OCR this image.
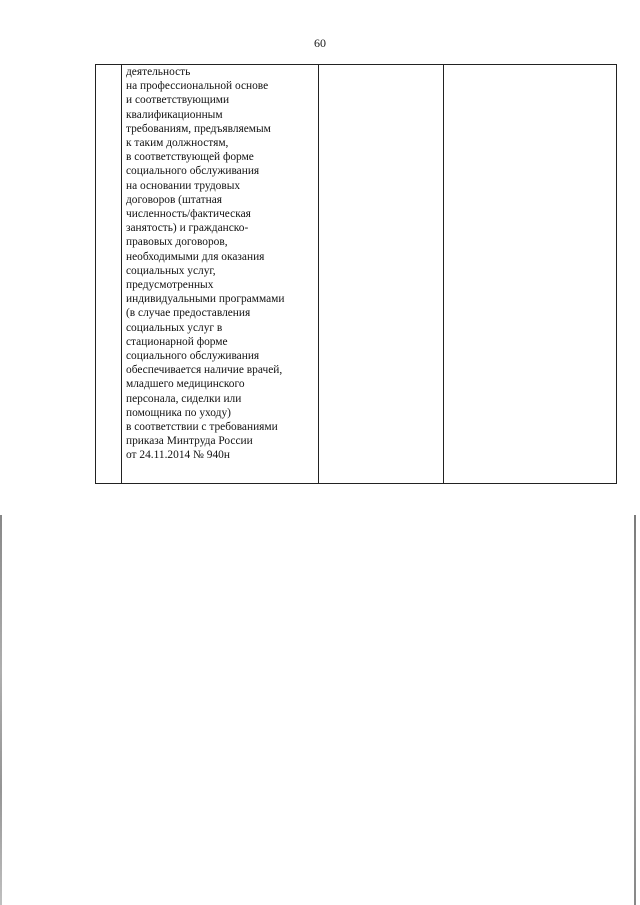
60

деятельность
на профессиональной основе
и соответствующими
квалификационным
требованиям, предъявляемым
к таким должностям,
в соответствующей форме
социального обслуживания
на основании трудовых
договоров (штатная
численность/фактическая
занятость) и гражданско-
правовых договоров,
необходимыми для оказания
социальных услуг,
предусмотренных
индивидуальными программами
(в случае предоставления
социальных услуг в
стационарной форме
социального обслуживания
обеспечивается наличие врачей,
младшего медицинского
персонала, сиделки или
помощника по уходу)
в соответствии с требованиями
приказа Минтруда России
от 24.11.2014 № 940н
